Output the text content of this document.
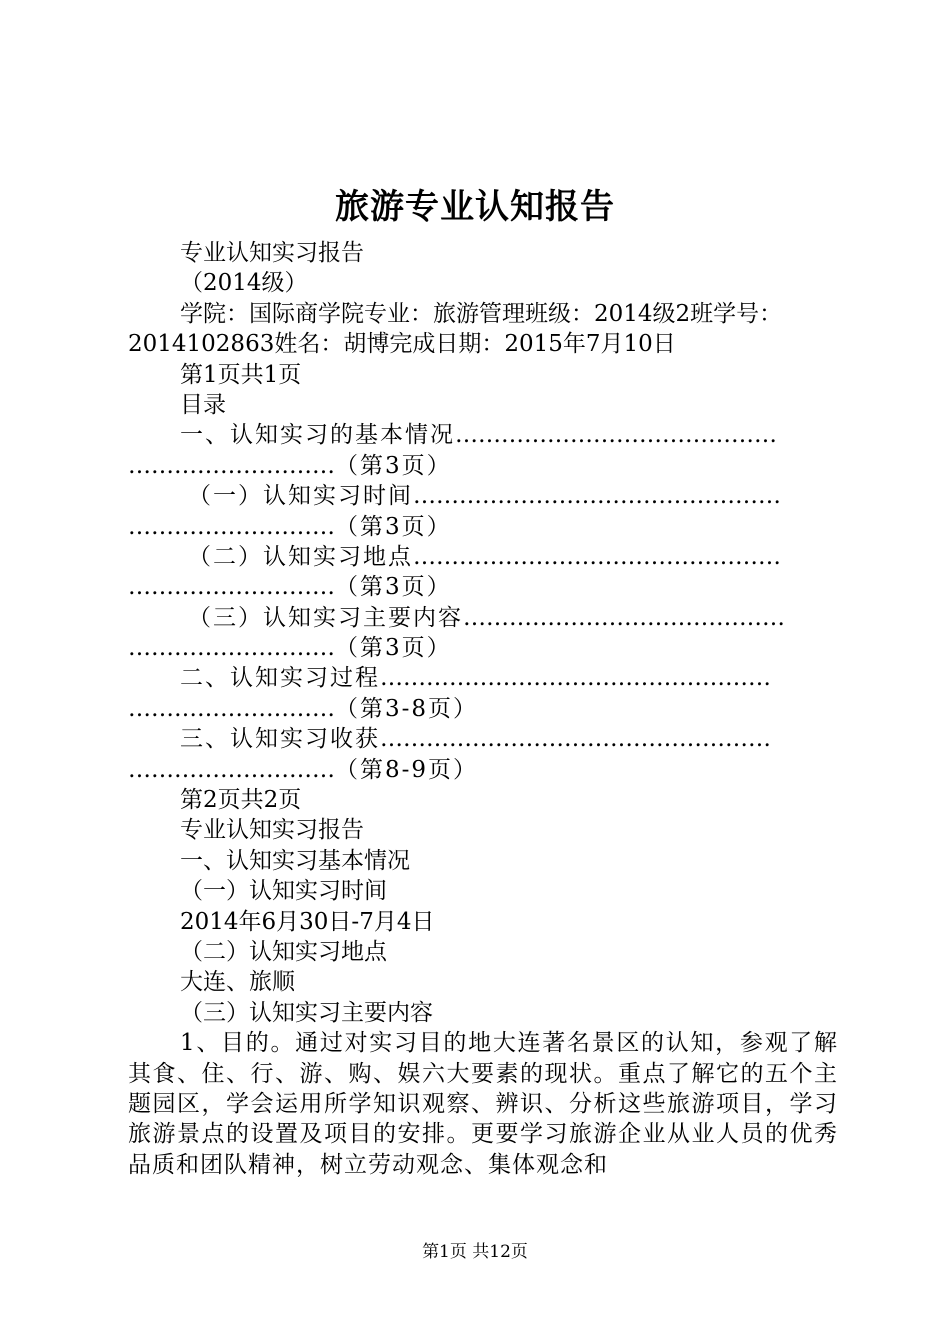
旅游专业认知报告
专业认知实习报告
（2014级）
学院：国际商学院专业：旅游管理班级：2014级2班学号：
2014102863姓名：胡博完成日期：2015年7月10日
第1页共1页
目录
一、认知实习的基本情况……………………………………
………………………（第3页）
（一）认知实习时间…………………………………………
………………………（第3页）
（二）认知实习地点…………………………………………
………………………（第3页）
（三）认知实习主要内容……………………………………
………………………（第3页）
二、认知实习过程……………………………………………
………………………（第3-8页）
三、认知实习收获……………………………………………
………………………（第8-9页）
第2页共2页
专业认知实习报告
一、认知实习基本情况
（一）认知实习时间
2014年6月30日-7月4日
（二）认知实习地点
大连、旅顺
（三）认知实习主要内容
1、目的。通过对实习目的地大连著名景区的认知，参观了解其食、住、行、游、购、娱六大要素的现状。重点了解它的五个主题园区，学会运用所学知识观察、辨识、分析这些旅游项目，学习旅游景点的设置及项目的安排。更要学习旅游企业从业人员的优秀品质和团队精神，树立劳动观念、集体观念和
第1页 共12页
